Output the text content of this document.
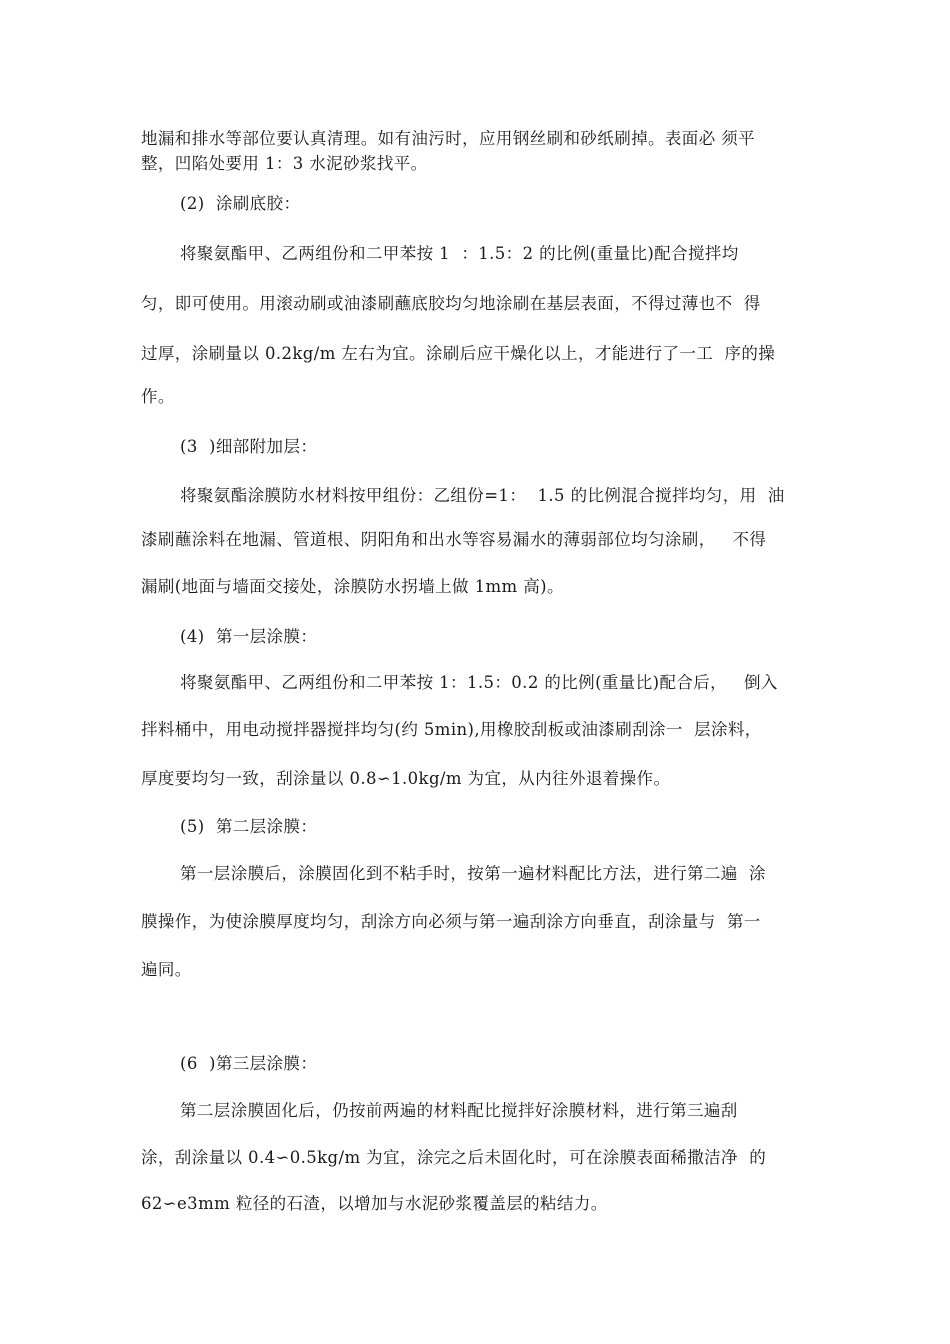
地漏和排水等部位要认真清理。如有油污时，应用钢丝刷和砂纸刷掉。表面必 须平
整，凹陷处要用 1：3 水泥砂浆找平。
(2)  涂刷底胶：
将聚氨酯甲、乙两组份和二甲苯按 1  ：1.5：2 的比例(重量比)配合搅拌均
匀，即可使用。用滚动刷或油漆刷蘸底胶均匀地涂刷在基层表面，不得过薄也不  得
过厚，涂刷量以 0.2kg/m 左右为宜。涂刷后应干燥化以上，才能进行了一工  序的操
作。
(3  )细部附加层：
将聚氨酯涂膜防水材料按甲组份：乙组份=1：  1.5 的比例混合搅拌均匀，用  油
漆刷蘸涂料在地漏、管道根、阴阳角和出水等容易漏水的薄弱部位均匀涂刷，   不得
漏刷(地面与墙面交接处，涂膜防水拐墙上做 1mm 高)。
(4)  第一层涂膜：
将聚氨酯甲、乙两组份和二甲苯按 1：1.5：0.2 的比例(重量比)配合后，   倒入
拌料桶中，用电动搅拌器搅拌均匀(约 5min),用橡胶刮板或油漆刷刮涂一  层涂料，
厚度要均匀一致，刮涂量以 0.8∽1.0kg/m 为宜，从内往外退着操作。
(5)  第二层涂膜：
第一层涂膜后，涂膜固化到不粘手时，按第一遍材料配比方法，进行第二遍  涂
膜操作，为使涂膜厚度均匀，刮涂方向必须与第一遍刮涂方向垂直，刮涂量与  第一
遍同。
(6  )第三层涂膜：
第二层涂膜固化后，仍按前两遍的材料配比搅拌好涂膜材料，进行第三遍刮
涂，刮涂量以 0.4∽0.5kg/m 为宜，涂完之后未固化时，可在涂膜表面稀撒洁净  的
62∽e3mm 粒径的石渣，以增加与水泥砂浆覆盖层的粘结力。
